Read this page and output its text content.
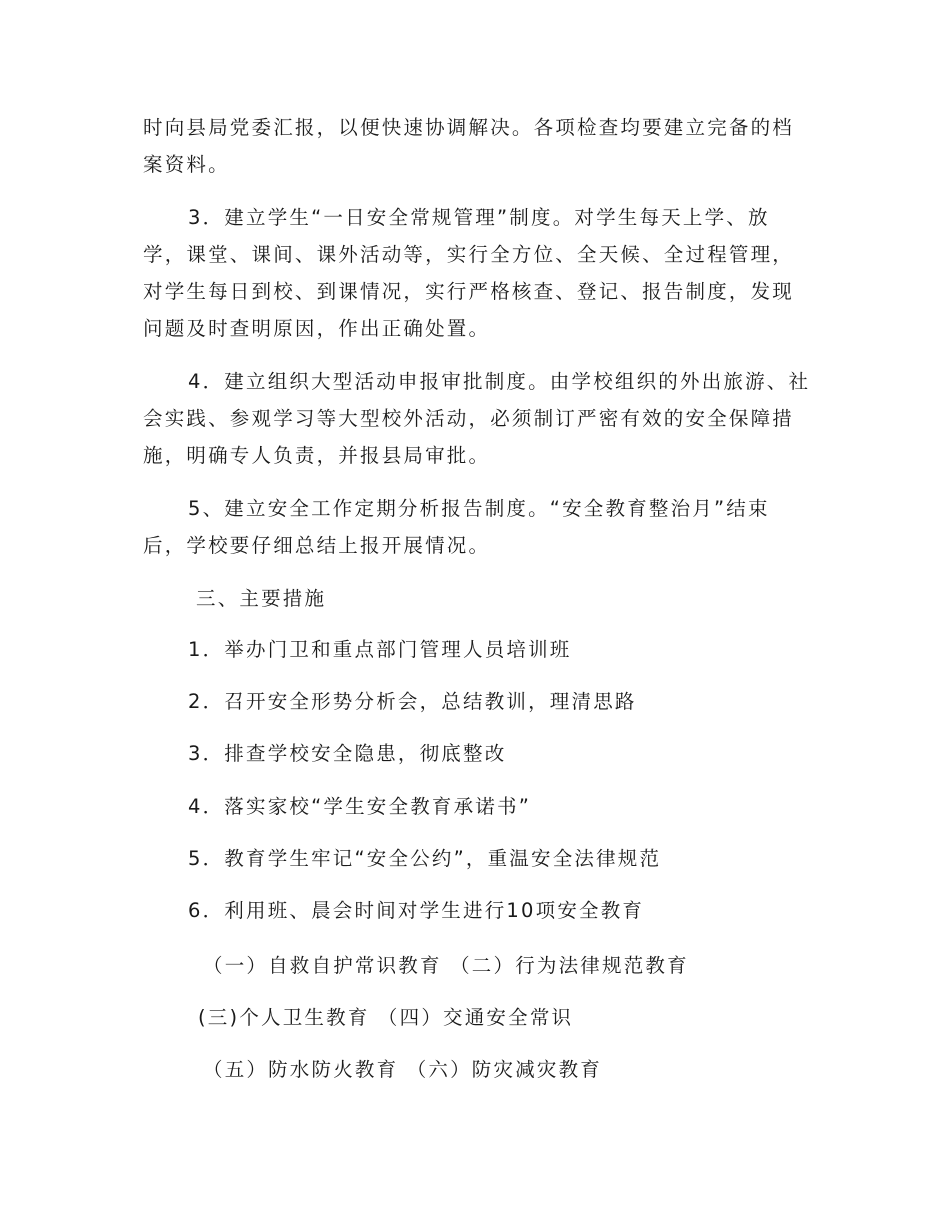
时向县局党委汇报，以便快速协调解决。各项检查均要建立完备的档
案资料。
3．建立学生“一日安全常规管理”制度。对学生每天上学、放
学，课堂、课间、课外活动等，实行全方位、全天候、全过程管理，
对学生每日到校、到课情况，实行严格核查、登记、报告制度，发现
问题及时查明原因，作出正确处置。
4．建立组织大型活动申报审批制度。由学校组织的外出旅游、社
会实践、参观学习等大型校外活动，必须制订严密有效的安全保障措
施，明确专人负责，并报县局审批。
5、建立安全工作定期分析报告制度。“安全教育整治月”结束
后，学校要仔细总结上报开展情况。
三、主要措施
1．举办门卫和重点部门管理人员培训班
2．召开安全形势分析会，总结教训，理清思路
3．排查学校安全隐患，彻底整改
4．落实家校“学生安全教育承诺书”
5．教育学生牢记“安全公约”，重温安全法律规范
6．利用班、晨会时间对学生进行10项安全教育
（一）自救自护常识教育 （二）行为法律规范教育
(三)个人卫生教育 （四）交通安全常识
（五）防水防火教育 （六）防灾减灾教育
